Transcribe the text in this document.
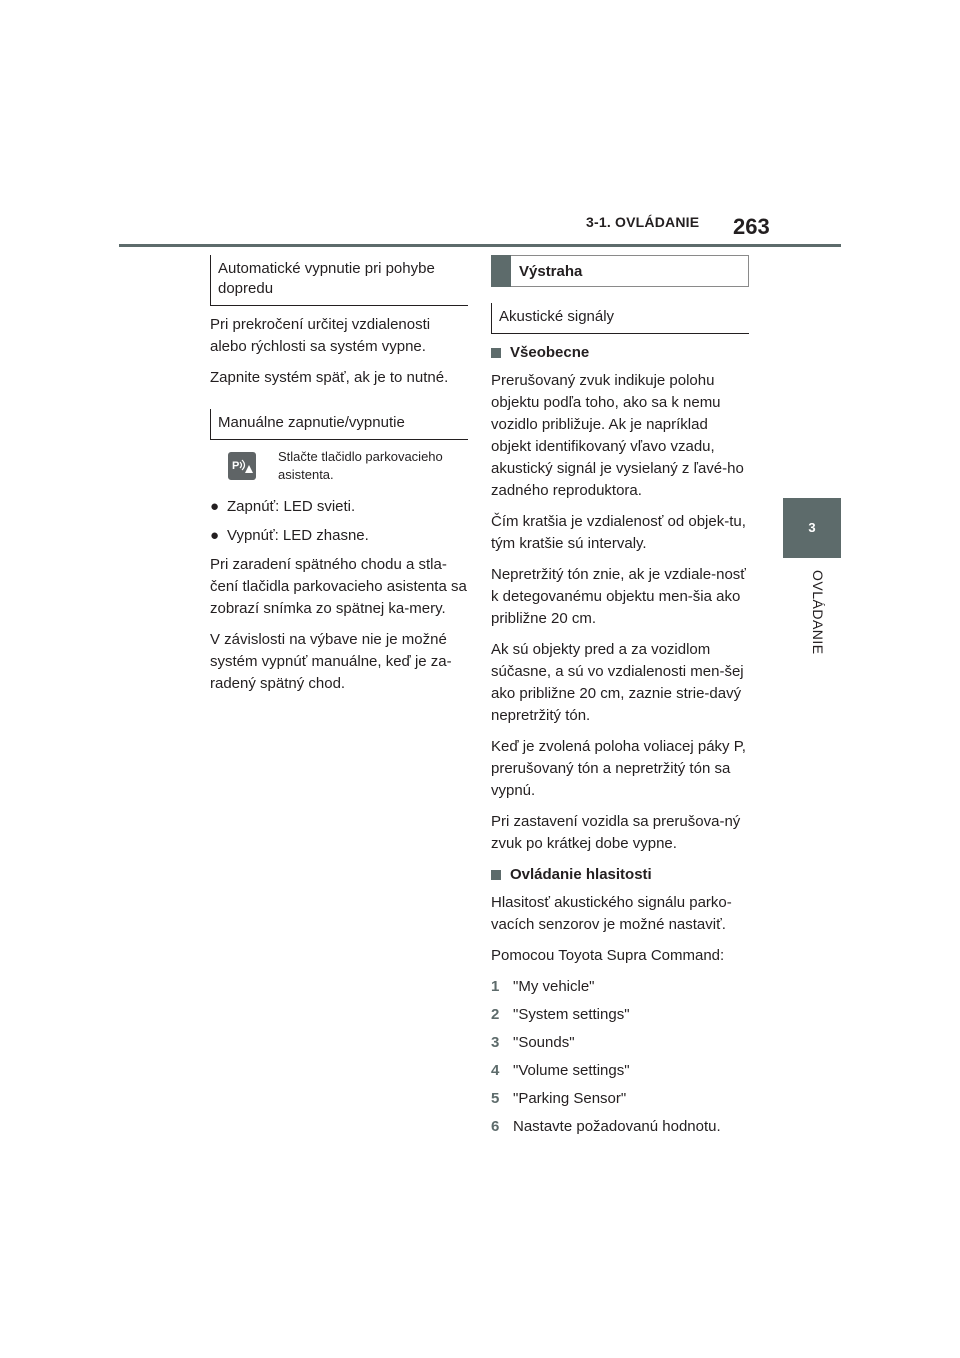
3-1. OVLÁDANIE 263
3
OVLÁDANIE
Automatické vypnutie pri pohybe dopredu

Pri prekročení určitej vzdialenosti alebo rýchlosti sa systém vypne.

Zapnite systém späť, ak je to nutné.

Manuálne zapnutie/vypnutie
P
Stlačte tlačidlo parkovacieho asistenta.
● Zapnúť: LED svieti.
● Vypnúť: LED zhasne.

Pri zaradení spätného chodu a stla-čení tlačidla parkovacieho asistenta sa zobrazí snímka zo spätnej ka-mery.

V závislosti na výbave nie je možné systém vypnúť manuálne, keď je za-radený spätný chod.

Výstraha
Akustické signály
Všeobecne

Prerušovaný zvuk indikuje polohu objektu podľa toho, ako sa k nemu vozidlo približuje. Ak je napríklad objekt identifikovaný vľavo vzadu, akustický signál je vysielaný z ľavé-ho zadného reproduktora.

Čím kratšia je vzdialenosť od objek-tu, tým kratšie sú intervaly.

Nepretržitý tón znie, ak je vzdiale-nosť k detegovanému objektu men-šia ako približne 20 cm.

Ak sú objekty pred a za vozidlom súčasne, a sú vo vzdialenosti men-šej ako približne 20 cm, zaznie strie-davý nepretržitý tón.

Keď je zvolená poloha voliacej páky P, prerušovaný tón a nepretržitý tón sa vypnú.

Pri zastavení vozidla sa prerušova-ný zvuk po krátkej dobe vypne.

Ovládanie hlasitosti

Hlasitosť akustického signálu parko-vacích senzorov je možné nastaviť.

Pomocou Toyota Supra Command:

1 "My vehicle"
2 "System settings"
3 "Sounds"
4 "Volume settings"
5 "Parking Sensor"
6 Nastavte požadovanú hodnotu.
